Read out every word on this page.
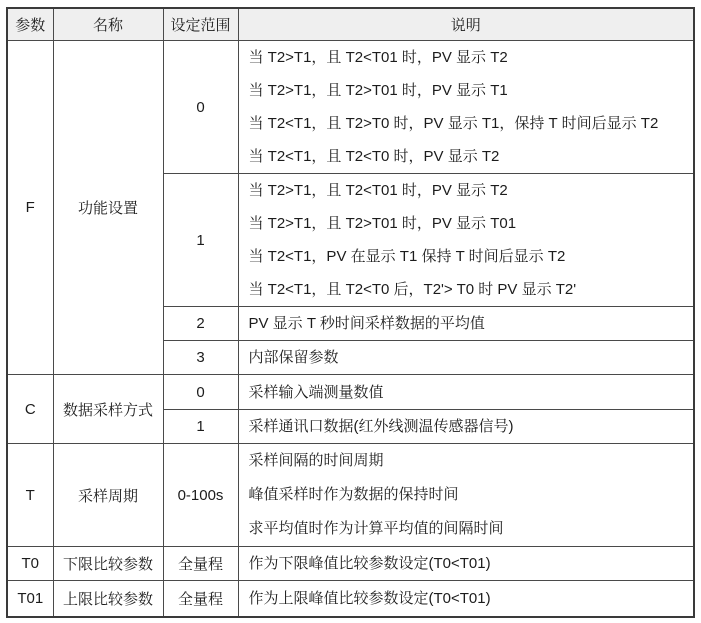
参数	名称	设定范围	说明
F	功能设置	0	当 T2>T1，且 T2<T01 时，PV 显示 T2
当 T2>T1，且 T2>T01 时，PV 显示 T1
当 T2<T1，且 T2>T0 时，PV 显示 T1，保持 T 时间后显示 T2
当 T2<T1，且 T2<T0 时，PV 显示 T2

		1	当 T2>T1，且 T2<T01 时，PV 显示 T2
当 T2>T1，且 T2>T01 时，PV 显示 T01
当 T2<T1，PV 在显示 T1 保持 T 时间后显示 T2
当 T2<T1，且 T2<T0 后，T2'> T0 时 PV 显示 T2'

		2	PV 显示 T 秒时间采样数据的平均值

		3	内部保留参数

C	数据采样方式	0	采样输入端测量数值

		1	采样通讯口数据(红外线测温传感器信号)

T	采样周期	0-100s	采样间隔的时间周期
峰值采样时作为数据的保持时间
求平均值时作为计算平均值的间隔时间

T0	下限比较参数	全量程	作为下限峰值比较参数设定(T0<T01)

T01	上限比较参数	全量程	作为上限峰值比较参数设定(T0<T01)
